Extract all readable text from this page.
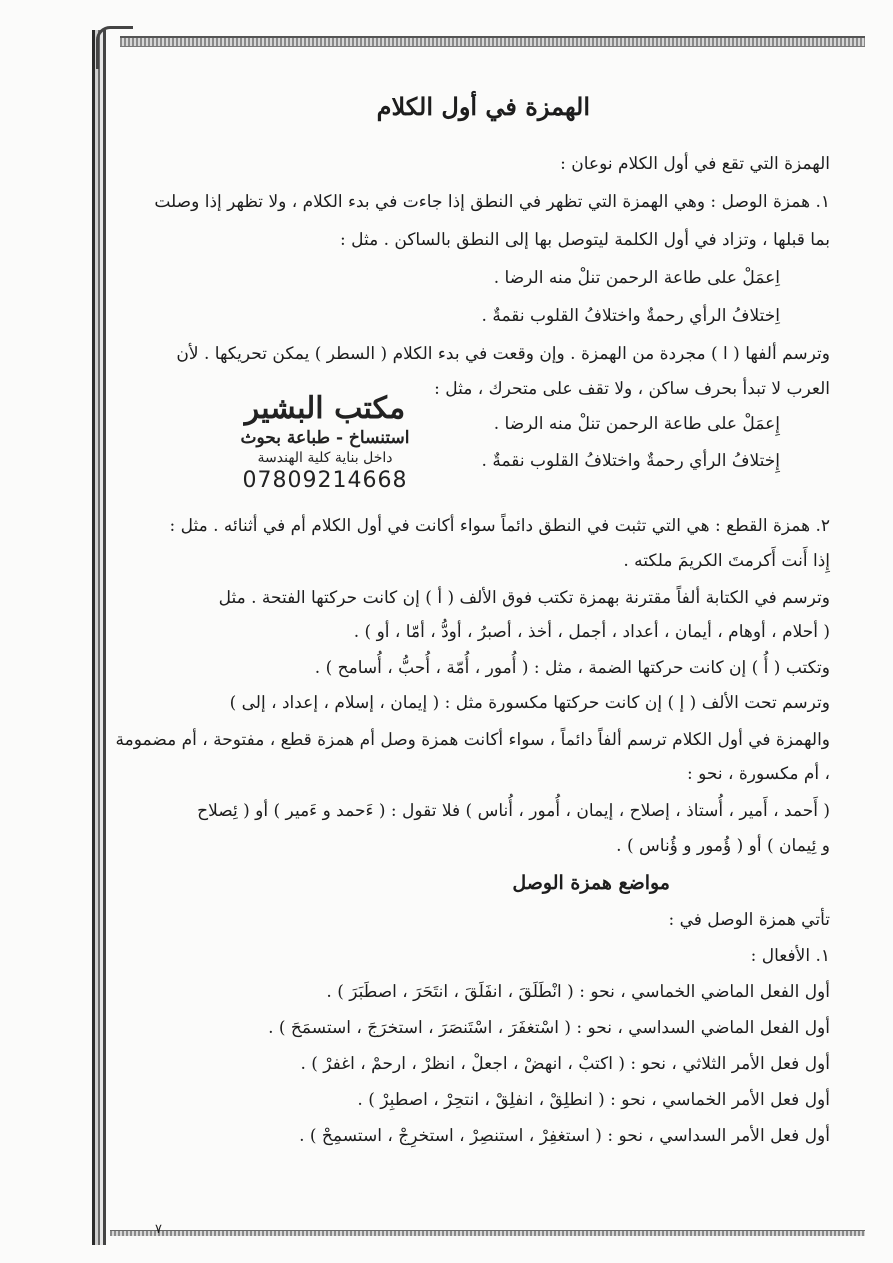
الهمزة في أول الكلام
الهمزة التي تقع في أول الكلام نوعان :
١. همزة الوصل : وهي الهمزة التي تظهر في النطق إذا جاءت في بدء الكلام ، ولا تظهر إذا وصلت
بما قبلها ، وتزاد في أول الكلمة ليتوصل بها إلى النطق بالساكن . مثل :
اِعمَلْ على طاعة الرحمن تنلْ منه الرضا .
اِختلافُ الرأي رحمةٌ واختلافُ القلوب نقمةٌ .
وترسم ألفها ( ا ) مجردة من الهمزة . وإن وقعت في بدء الكلام ( السطر ) يمكن تحريكها . لأن
العرب لا تبدأ بحرف ساكن ، ولا تقف على متحرك ، مثل :
إِعمَلْ على طاعة الرحمن تنلْ منه الرضا .
إِختلافُ الرأي رحمةٌ واختلافُ القلوب نقمةٌ .
٢. همزة القطع : هي التي تثبت في النطق دائماً سواء أكانت في أول الكلام أم في أثنائه . مثل :
إِذا أَنت أَكرمتَ الكريمَ ملكته .
وترسم في الكتابة ألفاً مقترنة بهمزة تكتب فوق الألف ( أ ) إن كانت حركتها الفتحة . مثل
( أحلام ، أوهام ، أيمان ، أعداد ، أجمل ، أخذ ، أصبرُ ، أودُّ ، أمّا ، أو ) .
وتكتب ( أُ ) إن كانت حركتها الضمة ، مثل : ( أُمور ، أُمّة ، أُحبُّ ، أُسامح ) .
وترسم تحت الألف ( إ ) إن كانت حركتها مكسورة مثل : ( إيمان ، إسلام ، إعداد ، إلى )
والهمزة في أول الكلام ترسم ألفاً دائماً ، سواء أكانت همزة وصل أم همزة قطع ، مفتوحة ، أم مضمومة
، أم مكسورة ، نحو :
( أَحمد ، أَمير ، أُستاذ ، إصلاح ، إيمان ، أُمور ، أُناس ) فلا تقول : ( ءَحمد و ءَمير ) أو ( ئِصلاح
و ئِيمان ) أو ( ؤُمور و ؤُناس ) .
مواضع همزة الوصل
تأتي همزة الوصل في :
١. الأفعال :
أول الفعل الماضي الخماسي ، نحو : ( انْطَلَقَ ، انفَلَقَ ، انتَحَرَ ، اصطَبَرَ ) .
أول الفعل الماضي السداسي ، نحو : ( اسْتغفَرَ ، اسْتَنصَرَ ، استخرَجَ ، استسمَحَ ) .
أول فعل الأمر الثلاثي ، نحو : ( اكتبْ ، انهضْ ، اجعلْ ، انظرْ ، ارحمْ ، اغفرْ ) .
أول فعل الأمر الخماسي ، نحو : ( انطلِقْ ، انفلِقْ ، انتحِرْ ، اصطبِرْ ) .
أول فعل الأمر السداسي ، نحو : ( استغفِرْ ، استنصِرْ ، استخرِجْ ، استسمِحْ ) .
مكتب البشير
استنساخ - طباعة بحوث
داخل بناية كلية الهندسة
07809214668
٧
